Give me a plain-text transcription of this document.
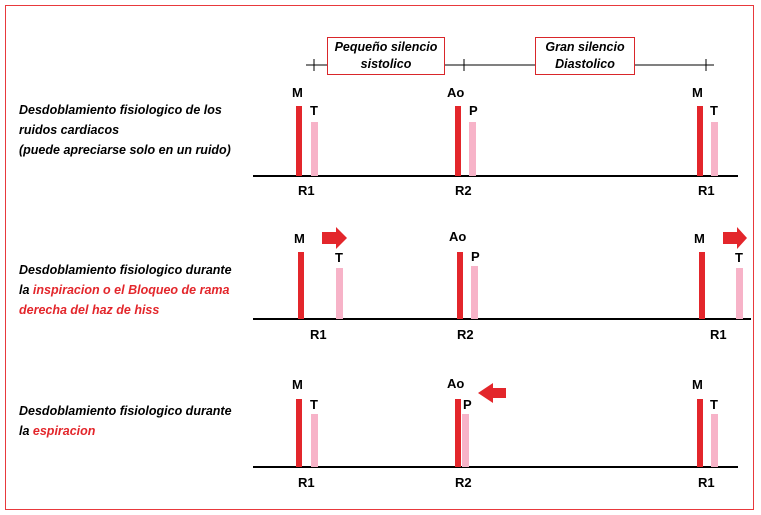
Pequeño silencio
sistolico
Gran silencio
Diastolico
Desdoblamiento fisiologico de los
ruidos cardiacos
(puede apreciarse solo en un ruido)
Desdoblamiento fisiologico durante
la inspiracion o el Bloqueo de rama
derecha del haz de hiss
Desdoblamiento fisiologico durante
la espiracion
M
T
R1
Ao
P
R2
M
T
R1
M
T
R1
Ao
P
R2
M
T
R1
M
T
R1
Ao
P
R2
M
T
R1
